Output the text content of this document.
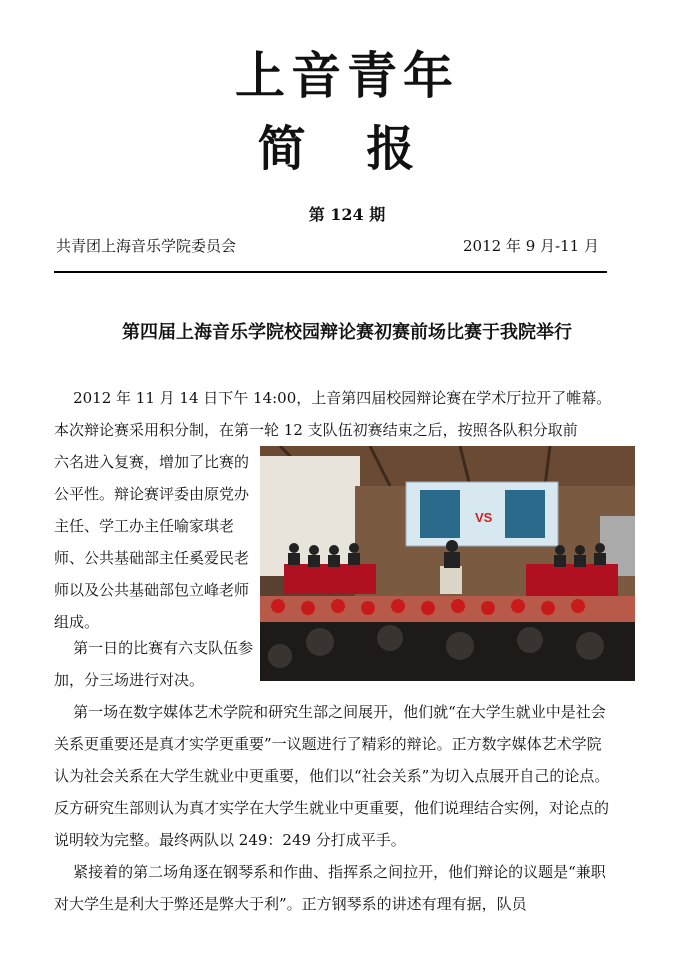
上音青年
简 报
第 124 期
共青团上海音乐学院委员会	2012 年 9 月-11 月
第四届上海音乐学院校园辩论赛初赛前场比赛于我院举行

2012 年 11 月 14 日下午 14:00，上音第四届校园辩论赛在学术厅拉开了帷幕。

本次辩论赛采用积分制，在第一轮 12 支队伍初赛结束之后，按照各队积分取前

六名进入复赛，增加了比赛的公平性。辩论赛评委由原党办主任、学工办主任喻家琪老师、公共基础部主任奚爱民老师以及公共基础部包立峰老师组成。

第一日的比赛有六支队伍参加，分三场进行对决。

第一场在数字媒体艺术学院和研究生部之间展开，他们就“在大学生就业中是社会关系更重要还是真才实学更重要”一议题进行了精彩的辩论。正方数字媒体艺术学院认为社会关系在大学生就业中更重要，他们以“社会关系”为切入点展开自己的论点。反方研究生部则认为真才实学在大学生就业中更重要，他们说理结合实例，对论点的说明较为完整。最终两队以 249：249 分打成平手。

紧接着的第二场角逐在钢琴系和作曲、指挥系之间拉开，他们辩论的议题是“兼职对大学生是利大于弊还是弊大于利”。正方钢琴系的讲述有理有据，队员

VS
